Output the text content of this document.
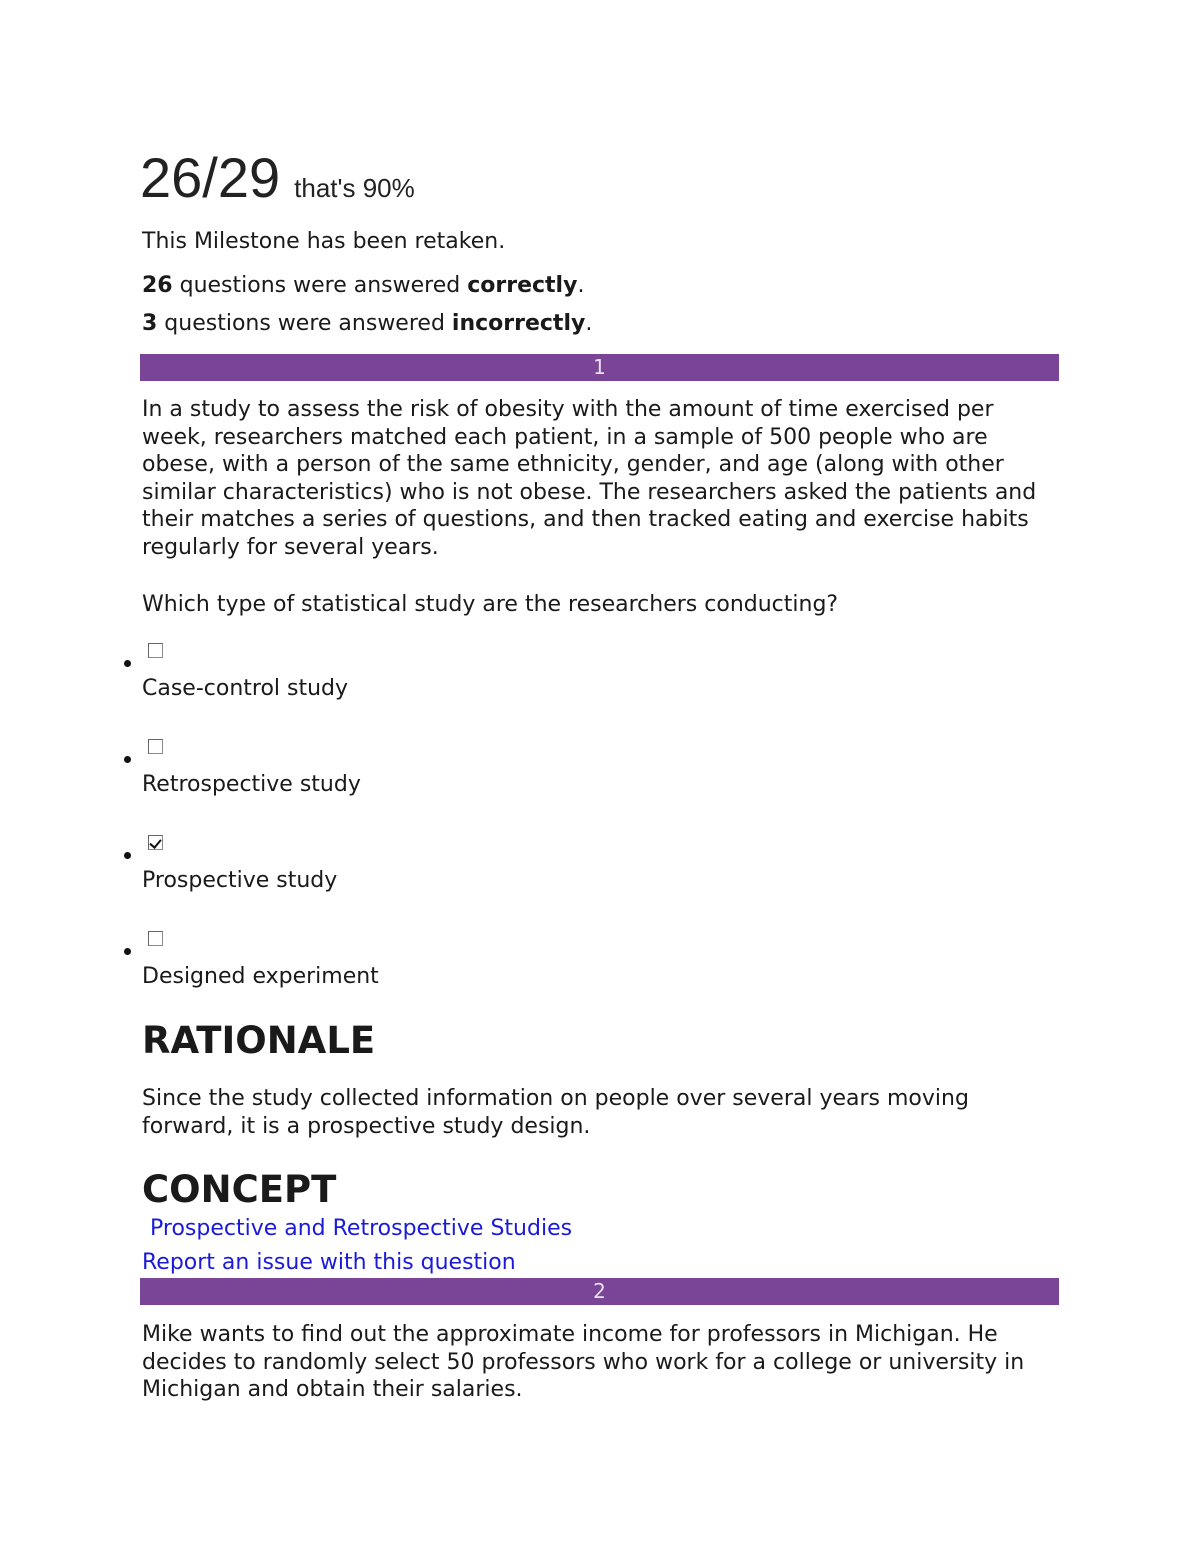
26/29 that's 90%
This Milestone has been retaken.
26 questions were answered correctly.
3 questions were answered incorrectly.
1
In a study to assess the risk of obesity with the amount of time exercised per week, researchers matched each patient, in a sample of 500 people who are obese, with a person of the same ethnicity, gender, and age (along with other similar characteristics) who is not obese. The researchers asked the patients and their matches a series of questions, and then tracked eating and exercise habits regularly for several years.
Which type of statistical study are the researchers conducting?
Case-control study
Retrospective study
Prospective study
Designed experiment
RATIONALE
Since the study collected information on people over several years moving forward, it is a prospective study design.
CONCEPT
Prospective and Retrospective Studies
Report an issue with this question
2
Mike wants to find out the approximate income for professors in Michigan. He decides to randomly select 50 professors who work for a college or university in Michigan and obtain their salaries.
